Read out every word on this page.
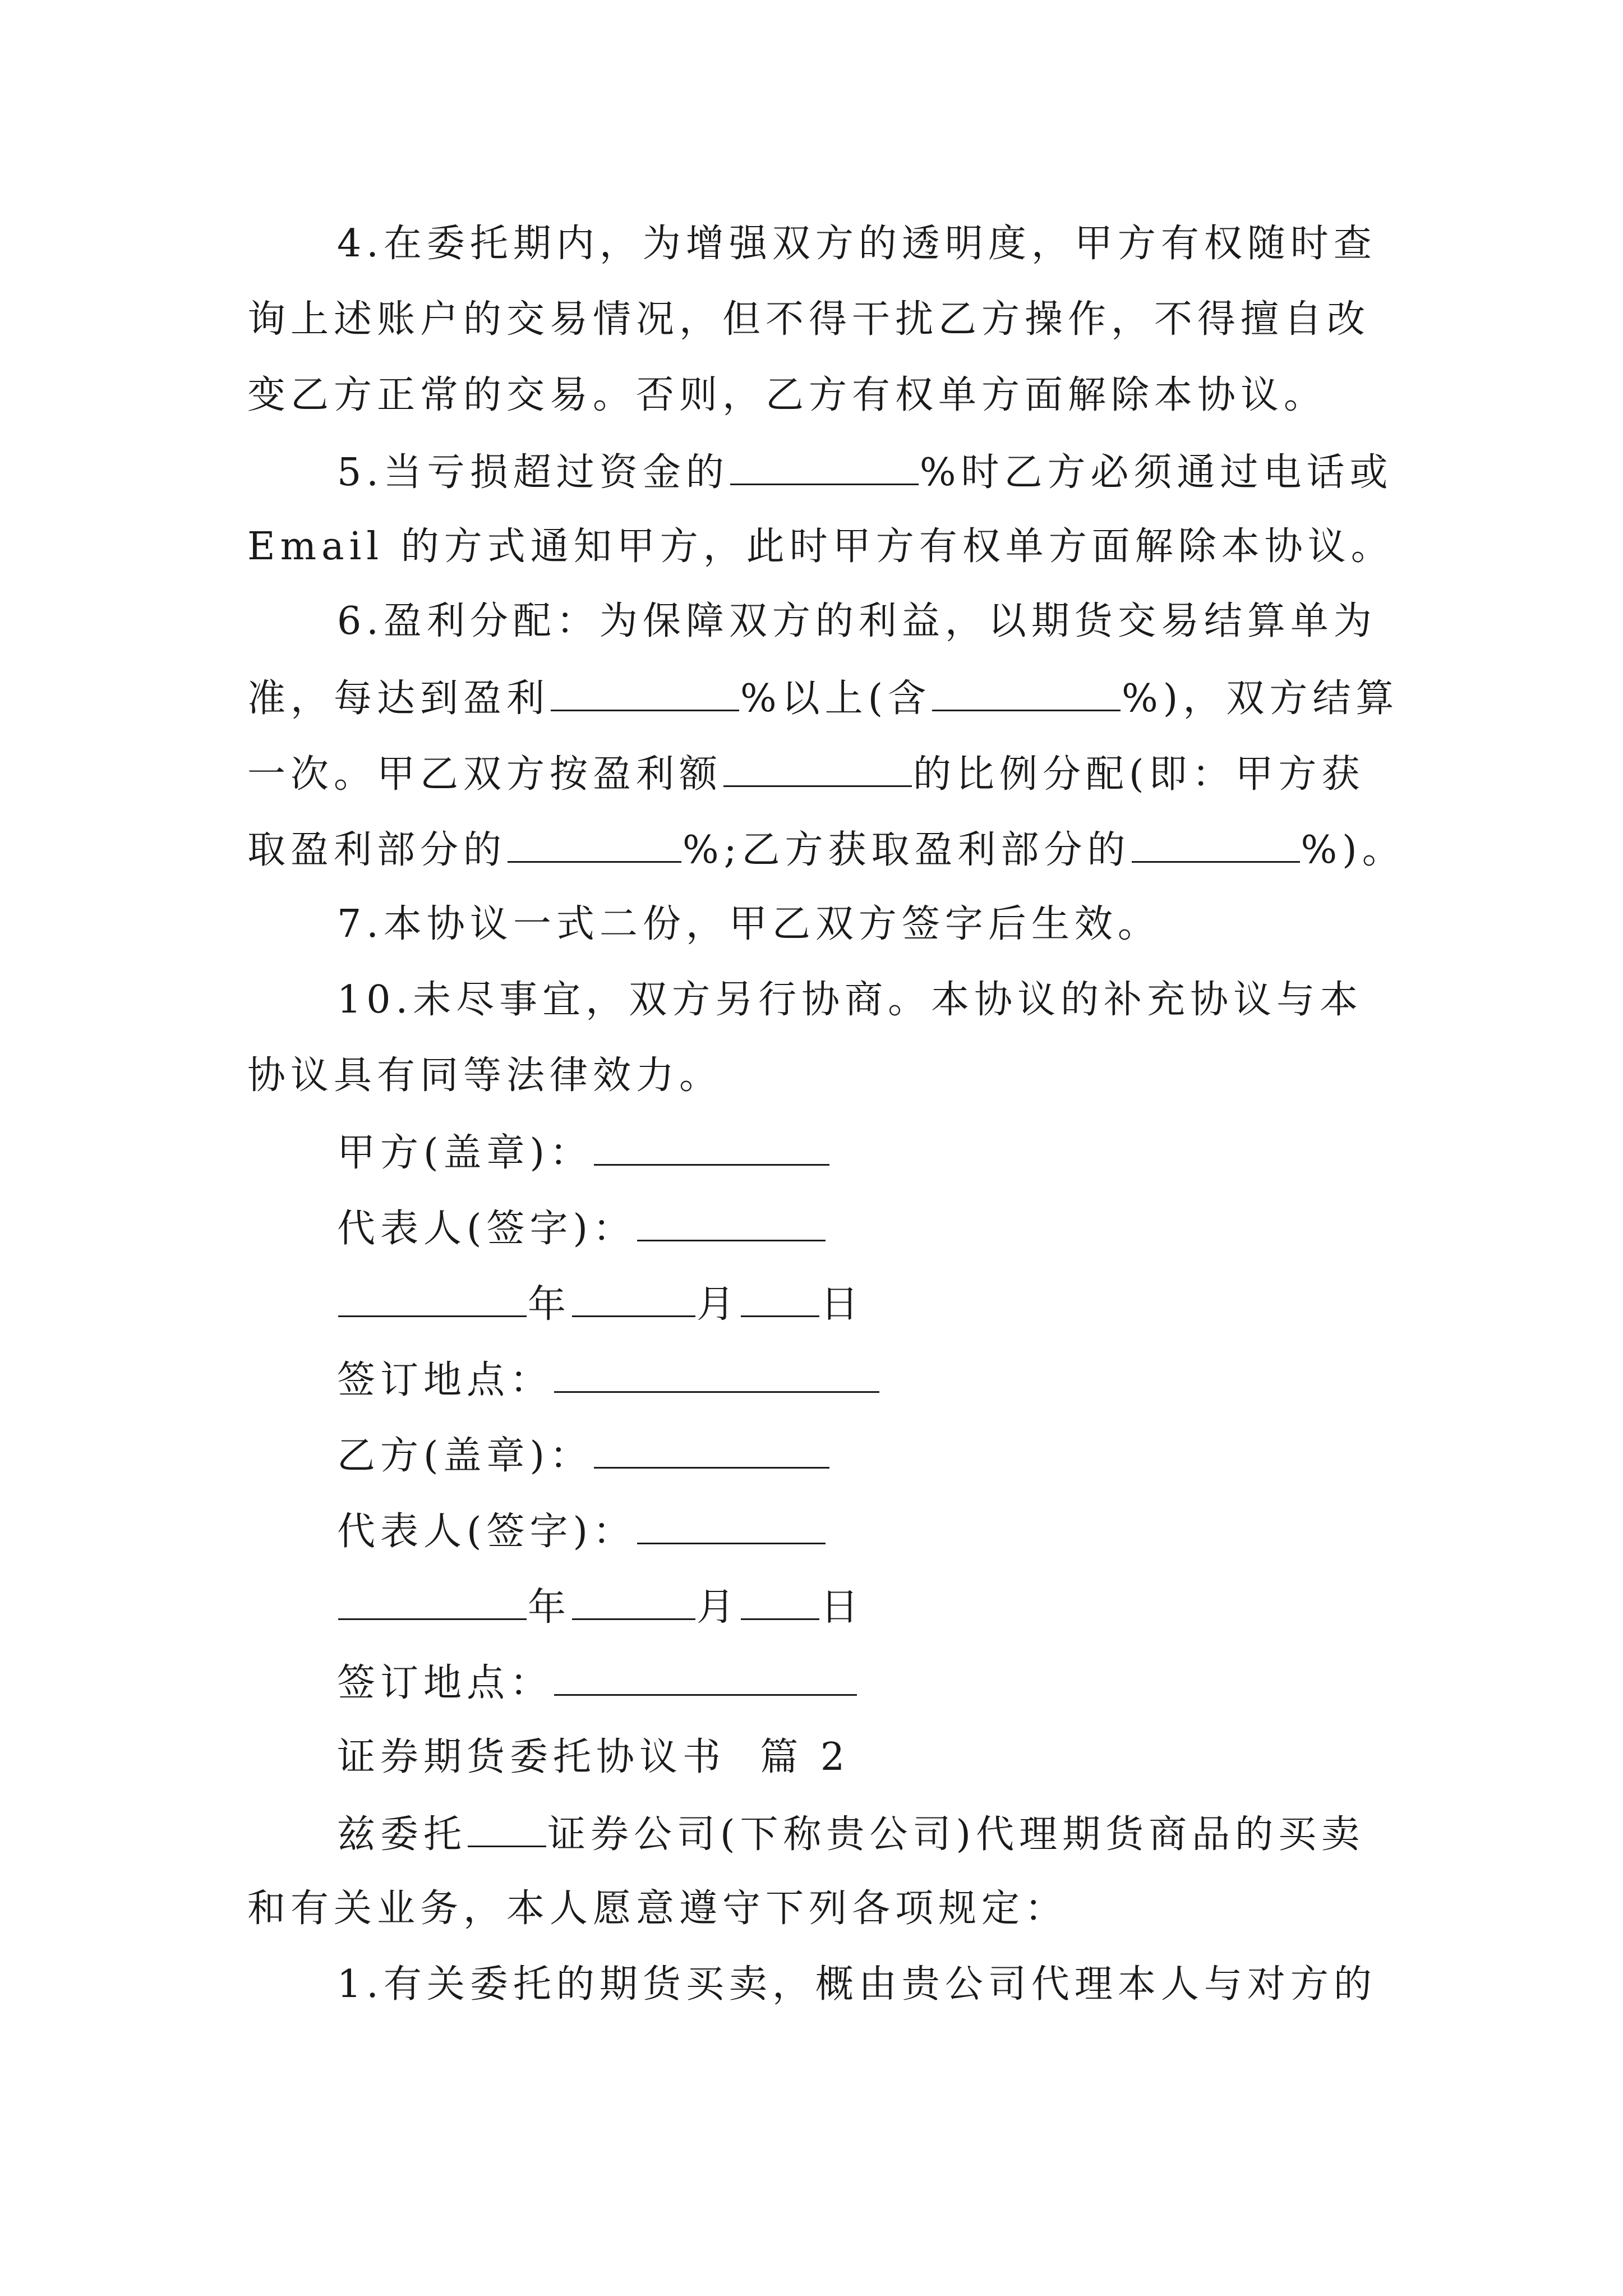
4.在委托期内，为增强双方的透明度，甲方有权随时查
询上述账户的交易情况，但不得干扰乙方操作，不得擅自改
变乙方正常的交易。否则，乙方有权单方面解除本协议。
5.当亏损超过资金的	%时乙方必须通过电话或
Email 的方式通知甲方，此时甲方有权单方面解除本协议。
6.盈利分配：为保障双方的利益，以期货交易结算单为
准，每达到盈利	%以上(含	%)，双方结算
一次。甲乙双方按盈利额	的比例分配(即：甲方获
取盈利部分的	%;乙方获取盈利部分的	%)。
7.本协议一式二份，甲乙双方签字后生效。
10.未尽事宜，双方另行协商。本协议的补充协议与本
协议具有同等法律效力。
甲方(盖章)：
代表人(签字)：
年	月 日
签订地点：
乙方(盖章)：
代表人(签字)：
年	月 日
签订地点：
证券期货委托协议书  篇 2
兹委托 证券公司(下称贵公司)代理期货商品的买卖
和有关业务，本人愿意遵守下列各项规定：
1.有关委托的期货买卖，概由贵公司代理本人与对方的
